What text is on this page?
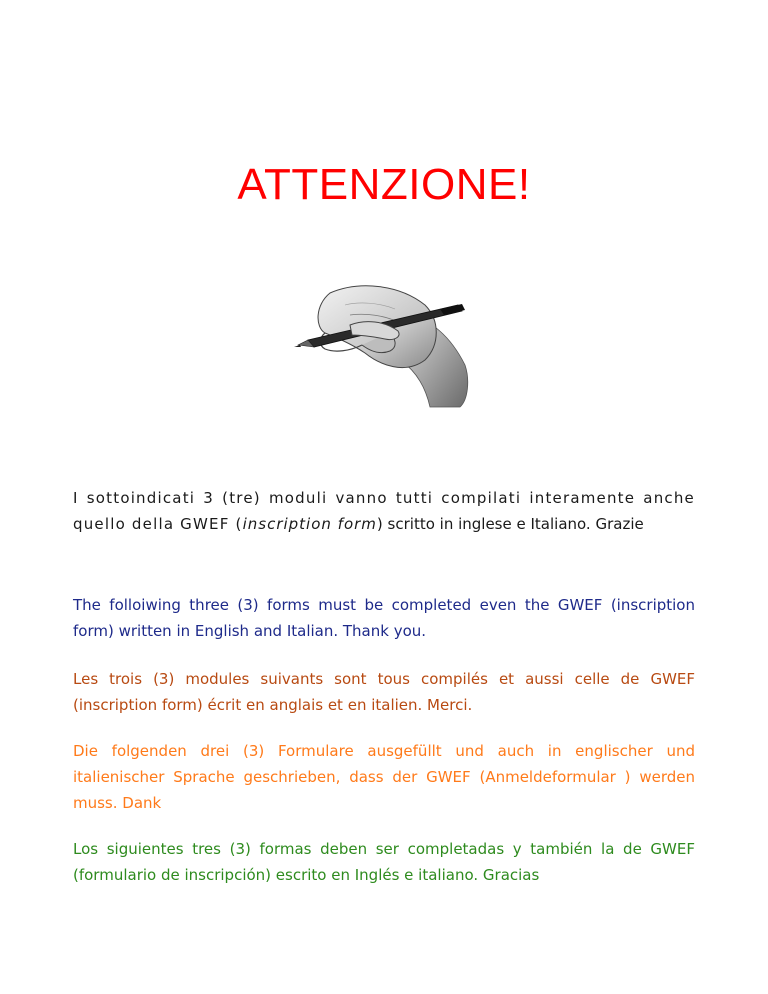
ATTENZIONE!

I sottoindicati 3 (tre) moduli vanno tutti compilati interamente anche quello della GWEF (inscription form) scritto in inglese e Italiano. Grazie

The folloiwing three (3) forms must be completed even the GWEF (inscription form) written in English and Italian. Thank you.

Les trois (3) modules suivants sont tous compilés et aussi celle de GWEF (inscription form) écrit en anglais et en italien. Merci.

Die folgenden drei (3) Formulare ausgefüllt und auch in englischer und italienischer Sprache geschrieben, dass der GWEF (Anmeldeformular ) werden muss. Dank

Los siguientes tres (3) formas deben ser completadas y también la de GWEF (formulario de inscripción) escrito en Inglés e italiano. Gracias
